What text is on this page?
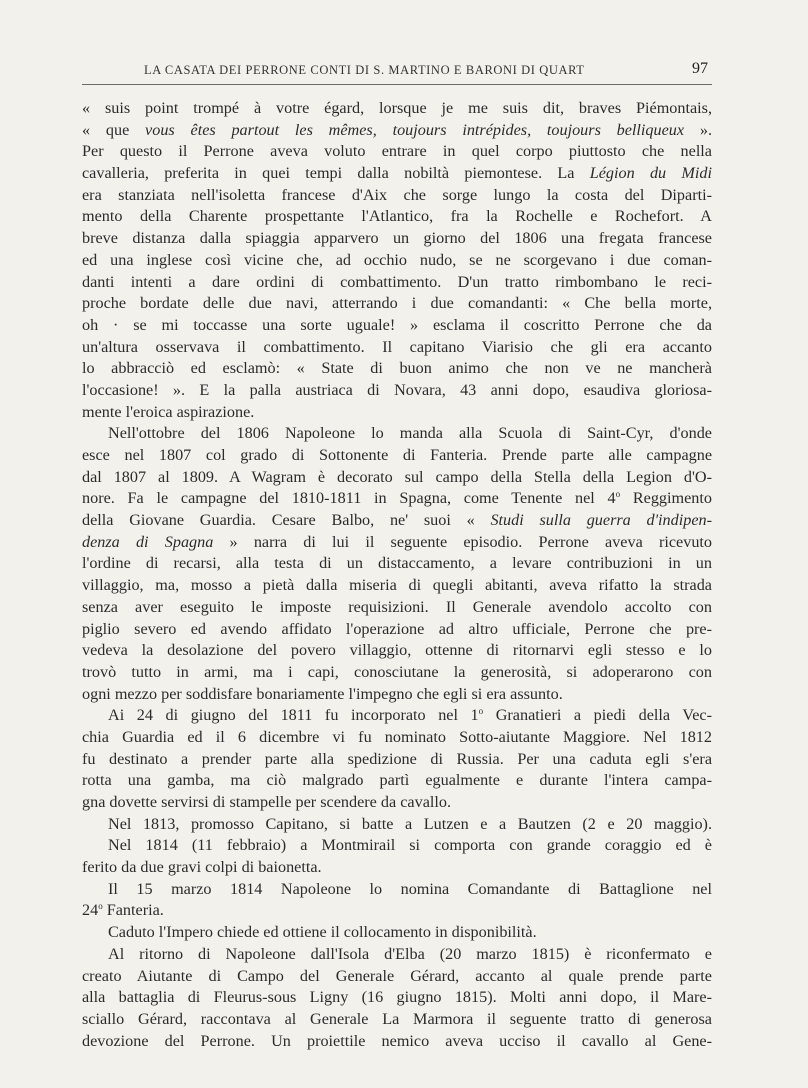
LA CASATA DEI PERRONE CONTI DI S. MARTINO E BARONI DI QUART	97
« suis point trompé à votre égard, lorsque je me suis dit, braves Piémontais,
« que vous êtes partout les mêmes, toujours intrépides, toujours belliqueux ».
Per questo il Perrone aveva voluto entrare in quel corpo piuttosto che nella
cavalleria, preferita in quei tempi dalla nobiltà piemontese. La Légion du Midi
era stanziata nell'isoletta francese d'Aix che sorge lungo la costa del Diparti-
mento della Charente prospettante l'Atlantico, fra la Rochelle e Rochefort. A
breve distanza dalla spiaggia apparvero un giorno del 1806 una fregata francese
ed una inglese così vicine che, ad occhio nudo, se ne scorgevano i due coman-
danti intenti a dare ordini di combattimento. D'un tratto rimbombano le reci-
proche bordate delle due navi, atterrando i due comandanti: « Che bella morte,
oh · se mi toccasse una sorte uguale! » esclama il coscritto Perrone che da
un'altura osservava il combattimento. Il capitano Viarisio che gli era accanto
lo abbracciò ed esclamò: « State di buon animo che non ve ne mancherà
l'occasione! ». E la palla austriaca di Novara, 43 anni dopo, esaudiva gloriosa-
mente l'eroica aspirazione.
Nell'ottobre del 1806 Napoleone lo manda alla Scuola di Saint-Cyr, d'onde
esce nel 1807 col grado di Sottonente di Fanteria. Prende parte alle campagne
dal 1807 al 1809. A Wagram è decorato sul campo della Stella della Legion d'O-
nore. Fa le campagne del 1810-1811 in Spagna, come Tenente nel 4$^o$ Reggimento
della Giovane Guardia. Cesare Balbo, ne' suoi « Studi sulla guerra d'indipen-
denza di Spagna » narra di lui il seguente episodio. Perrone aveva ricevuto
l'ordine di recarsi, alla testa di un distaccamento, a levare contribuzioni in un
villaggio, ma, mosso a pietà dalla miseria di quegli abitanti, aveva rifatto la strada
senza aver eseguito le imposte requisizioni. Il Generale avendolo accolto con
piglio severo ed avendo affidato l'operazione ad altro ufficiale, Perrone che pre-
vedeva la desolazione del povero villaggio, ottenne di ritornarvi egli stesso e lo
trovò tutto in armi, ma i capi, conosciutane la generosità, si adoperarono con
ogni mezzo per soddisfare bonariamente l'impegno che egli si era assunto.
Ai 24 di giugno del 1811 fu incorporato nel 1$^o$ Granatieri a piedi della Vec-
chia Guardia ed il 6 dicembre vi fu nominato Sotto-aiutante Maggiore. Nel 1812
fu destinato a prender parte alla spedizione di Russia. Per una caduta egli s'era
rotta una gamba, ma ciò malgrado partì egualmente e durante l'intera campa-
gna dovette servirsi di stampelle per scendere da cavallo.
Nel 1813, promosso Capitano, si batte a Lutzen e a Bautzen (2 e 20 maggio).
Nel 1814 (11 febbraio) a Montmirail si comporta con grande coraggio ed è
ferito da due gravi colpi di baionetta.
Il 15 marzo 1814 Napoleone lo nomina Comandante di Battaglione nel
24$^o$ Fanteria.
Caduto l'Impero chiede ed ottiene il collocamento in disponibilità.
Al ritorno di Napoleone dall'Isola d'Elba (20 marzo 1815) è riconfermato e
creato Aiutante di Campo del Generale Gérard, accanto al quale prende parte
alla battaglia di Fleurus-sous Ligny (16 giugno 1815). Molti anni dopo, il Mare-
sciallo Gérard, raccontava al Generale La Marmora il seguente tratto di generosa
devozione del Perrone. Un proiettile nemico aveva ucciso il cavallo al Gene-
